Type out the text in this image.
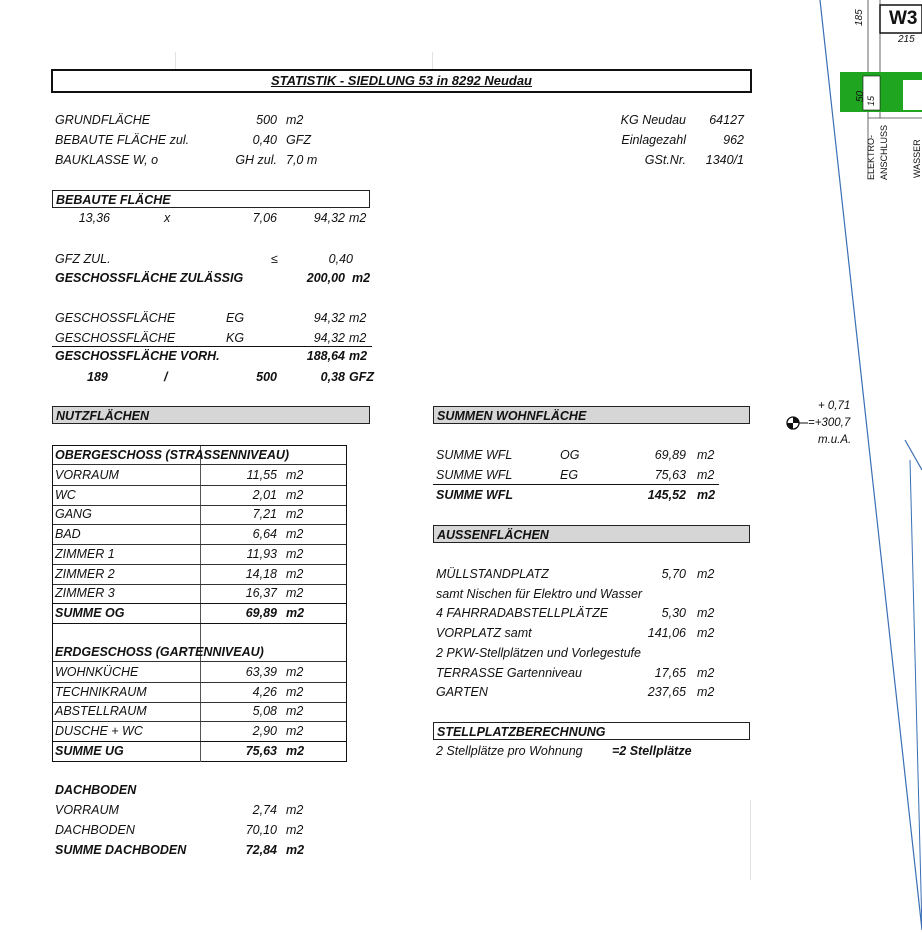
STATISTIK - SIEDLUNG 53 in 8292 Neudau
GRUNDFLÄCHE	500 m2
BEBAUTE FLÄCHE zul.	0,40 GFZ
BAUKLASSE W, o	GH zul. 7,0 m
KG Neudau	64127
Einlagezahl	962
GSt.Nr.	1340/1
BEBAUTE FLÄCHE
13,36	x	7,06	94,32 m2
GFZ ZUL.	≤	0,40
GESCHOSSFLÄCHE ZULÄSSIG	200,00 m2
GESCHOSSFLÄCHE	EG	94,32 m2
GESCHOSSFLÄCHE	KG	94,32 m2
GESCHOSSFLÄCHE VORH.	188,64 m2
189	/	500	0,38 GFZ
NUTZFLÄCHEN
OBERGESCHOSS (STRASSENNIVEAU)
VORRAUM	11,55 m2
WC	2,01 m2
GANG	7,21 m2
BAD	6,64 m2
ZIMMER 1	11,93 m2
ZIMMER 2	14,18 m2
ZIMMER 3	16,37 m2
SUMME OG	69,89 m2
ERDGESCHOSS (GARTENNIVEAU)
WOHNKÜCHE	63,39 m2
TECHNIKRAUM	4,26 m2
ABSTELLRAUM	5,08 m2
DUSCHE + WC	2,90 m2
SUMME UG	75,63 m2
DACHBODEN
VORRAUM	2,74 m2
DACHBODEN	70,10 m2
SUMME DACHBODEN	72,84 m2
SUMMEN WOHNFLÄCHE
SUMME WFL	OG	69,89 m2
SUMME WFL	EG	75,63 m2
SUMME WFL	145,52 m2
AUSSENFLÄCHEN
MÜLLSTANDPLATZ	5,70 m2
samt Nischen für Elektro und Wasser
4 FAHRRADABSTELLPLÄTZE	5,30 m2
VORPLATZ samt	141,06 m2
2 PKW-Stellplätzen und Vorlegestufe
TERRASSE Gartenniveau	17,65 m2
GARTEN	237,65 m2
STELLPLATZBERECHNUNG
2 Stellplätze pro Wohnung =2 Stellplätze
+ 0,71
=+300,7
m.u.A.
W3
215
185
50 15
ELEKTRO- ANSCHLUSS	WASSER
